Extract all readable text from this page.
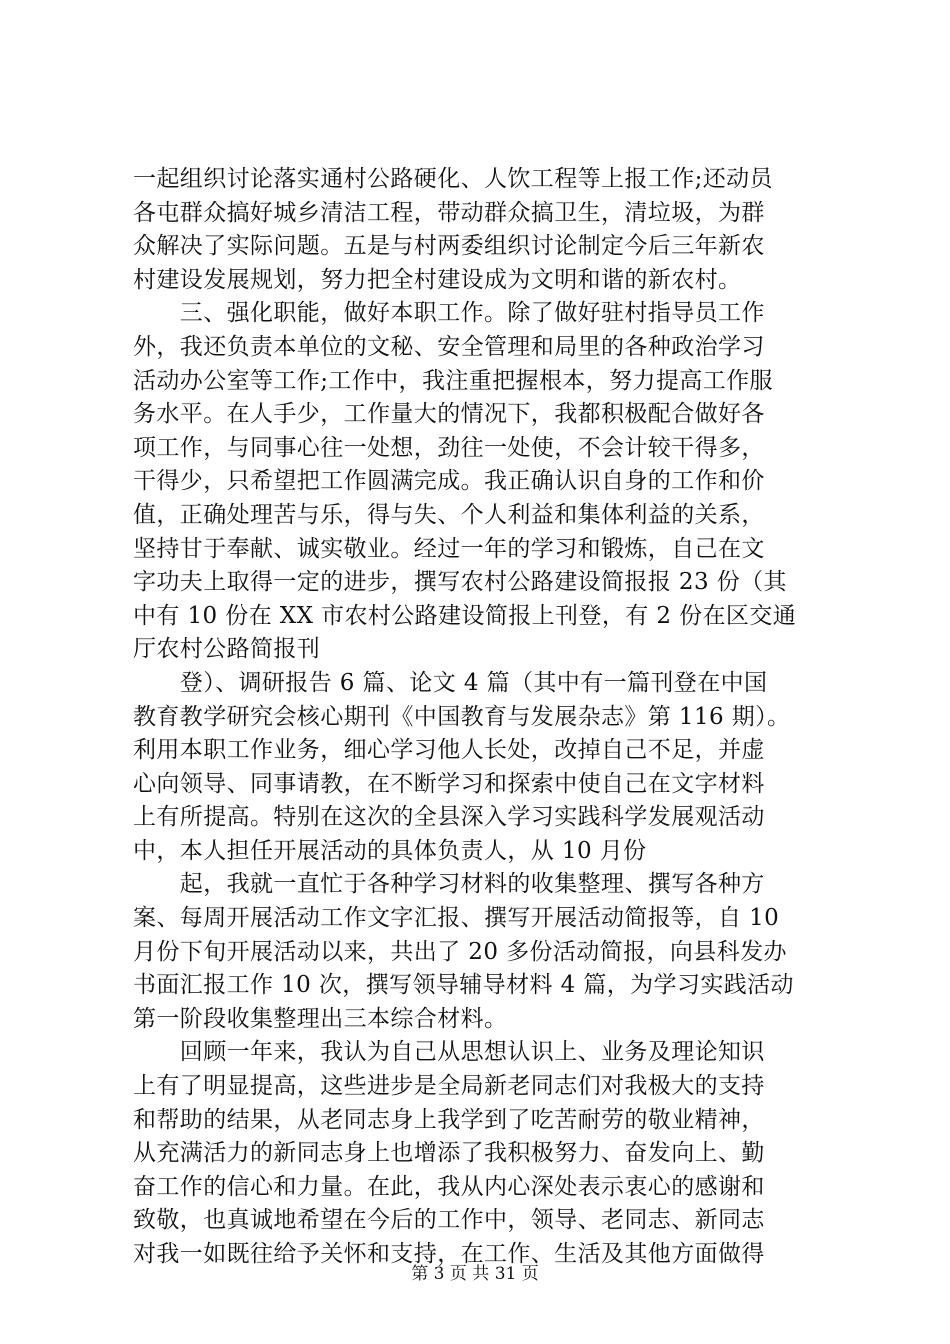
一起组织讨论落实通村公路硬化、人饮工程等上报工作;还动员
各屯群众搞好城乡清洁工程，带动群众搞卫生，清垃圾，为群
众解决了实际问题。五是与村两委组织讨论制定今后三年新农
村建设发展规划，努力把全村建设成为文明和谐的新农村。
　　三、强化职能，做好本职工作。除了做好驻村指导员工作
外，我还负责本单位的文秘、安全管理和局里的各种政治学习
活动办公室等工作;工作中，我注重把握根本，努力提高工作服
务水平。在人手少，工作量大的情况下，我都积极配合做好各
项工作，与同事心往一处想，劲往一处使，不会计较干得多，
干得少，只希望把工作圆满完成。我正确认识自身的工作和价
值，正确处理苦与乐，得与失、个人利益和集体利益的关系，
坚持甘于奉献、诚实敬业。经过一年的学习和锻炼，自己在文
字功夫上取得一定的进步，撰写农村公路建设简报报 23 份（其
中有 10 份在 XX 市农村公路建设简报上刊登，有 2 份在区交通
厅农村公路简报刊
　　登）、调研报告 6 篇、论文 4 篇（其中有一篇刊登在中国
教育教学研究会核心期刊《中国教育与发展杂志》第 116 期）。
利用本职工作业务，细心学习他人长处，改掉自己不足，并虚
心向领导、同事请教，在不断学习和探索中使自己在文字材料
上有所提高。特别在这次的全县深入学习实践科学发展观活动
中，本人担任开展活动的具体负责人，从 10 月份
　　起，我就一直忙于各种学习材料的收集整理、撰写各种方
案、每周开展活动工作文字汇报、撰写开展活动简报等，自 10
月份下旬开展活动以来，共出了 20 多份活动简报，向县科发办
书面汇报工作 10 次，撰写领导辅导材料 4 篇，为学习实践活动
第一阶段收集整理出三本综合材料。
　　回顾一年来，我认为自己从思想认识上、业务及理论知识
上有了明显提高，这些进步是全局新老同志们对我极大的支持
和帮助的结果，从老同志身上我学到了吃苦耐劳的敬业精神，
从充满活力的新同志身上也增添了我积极努力、奋发向上、勤
奋工作的信心和力量。在此，我从内心深处表示衷心的感谢和
致敬，也真诚地希望在今后的工作中，领导、老同志、新同志
对我一如既往给予关怀和支持，在工作、生活及其他方面做得
第 3 页 共 31 页
